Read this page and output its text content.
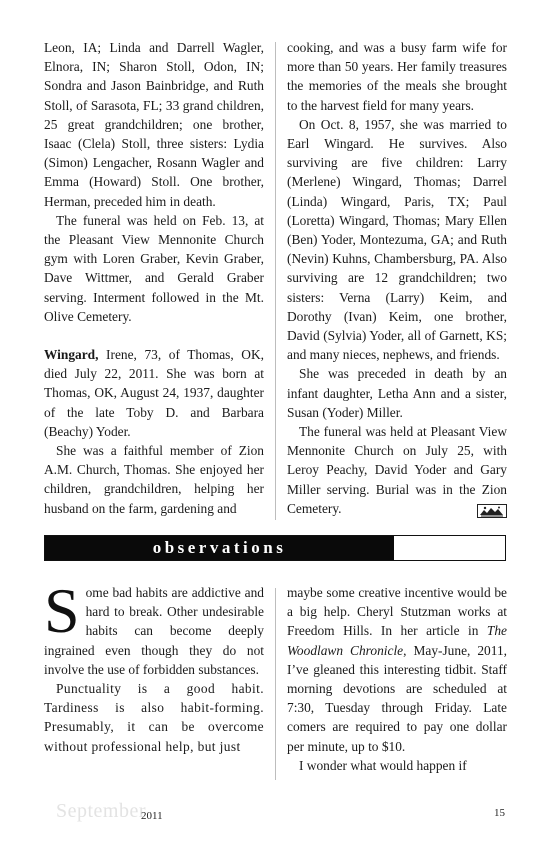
Leon, IA; Linda and Darrell Wagler, Elnora, IN; Sharon Stoll, Odon, IN; Sondra and Jason Bainbridge, and Ruth Stoll, of Sarasota, FL; 33 grand children, 25 great grandchildren; one brother, Isaac (Clela) Stoll, three sisters: Lydia (Simon) Lengacher, Rosann Wagler and Emma (Howard) Stoll. One brother, Herman, preceded him in death.

The funeral was held on Feb. 13, at the Pleasant View Mennonite Church gym with Loren Graber, Kevin Graber, Dave Wittmer, and Gerald Graber serving. Interment followed in the Mt. Olive Cemetery.

Wingard, Irene, 73, of Thomas, OK, died July 22, 2011. She was born at Thomas, OK, August 24, 1937, daughter of the late Toby D. and Barbara (Beachy) Yoder.

She was a faithful member of Zion A.M. Church, Thomas. She enjoyed her children, grandchildren, helping her husband on the farm, gardening and

cooking, and was a busy farm wife for more than 50 years. Her family treasures the memories of the meals she brought to the harvest field for many years.

On Oct. 8, 1957, she was married to Earl Wingard. He survives. Also surviving are five children: Larry (Merlene) Wingard, Thomas; Darrel (Linda) Wingard, Paris, TX; Paul (Loretta) Wingard, Thomas; Mary Ellen (Ben) Yoder, Montezuma, GA; and Ruth (Nevin) Kuhns, Chambersburg, PA. Also surviving are 12 grandchildren; two sisters: Verna (Larry) Keim, and Dorothy (Ivan) Keim, one brother, David (Sylvia) Yoder, all of Garnett, KS; and many nieces, nephews, and friends.

She was preceded in death by an infant daughter, Letha Ann and a sister, Susan (Yoder) Miller.

The funeral was held at Pleasant View Mennonite Church on July 25, with Leroy Peachy, David Yoder and Gary Miller serving. Burial was in the Zion Cemetery.

observations

Some bad habits are addictive and hard to break. Other undesirable habits can become deeply ingrained even though they do not involve the use of forbidden substances.

Punctuality is a good habit. Tardiness is also habit-forming. Presumably, it can be overcome without professional help, but just

maybe some creative incentive would be a big help. Cheryl Stutzman works at Freedom Hills. In her article in The Woodlawn Chronicle, May-June, 2011, I’ve gleaned this interesting tidbit. Staff morning devotions are scheduled at 7:30, Tuesday through Friday. Late comers are required to pay one dollar per minute, up to $10.

I wonder what would happen if

September
2011	15
